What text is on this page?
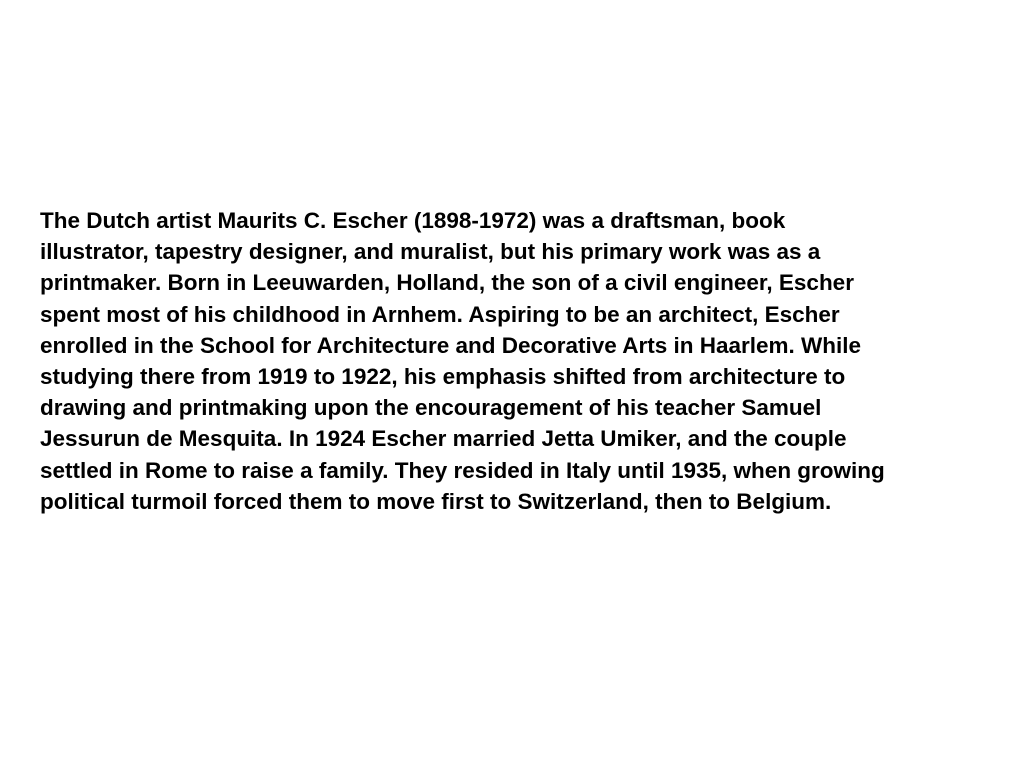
The Dutch artist Maurits C. Escher (1898-1972) was a draftsman, book
illustrator, tapestry designer, and muralist, but his primary work was as a
printmaker. Born in Leeuwarden, Holland, the son of a civil engineer, Escher
spent most of his childhood in Arnhem. Aspiring to be an architect, Escher
enrolled in the School for Architecture and Decorative Arts in Haarlem. While
studying there from 1919 to 1922, his emphasis shifted from architecture to
drawing and printmaking upon the encouragement of his teacher Samuel
Jessurun de Mesquita. In 1924 Escher married Jetta Umiker, and the couple
settled in Rome to raise a family. They resided in Italy until 1935, when growing
political turmoil forced them to move first to Switzerland, then to Belgium.
